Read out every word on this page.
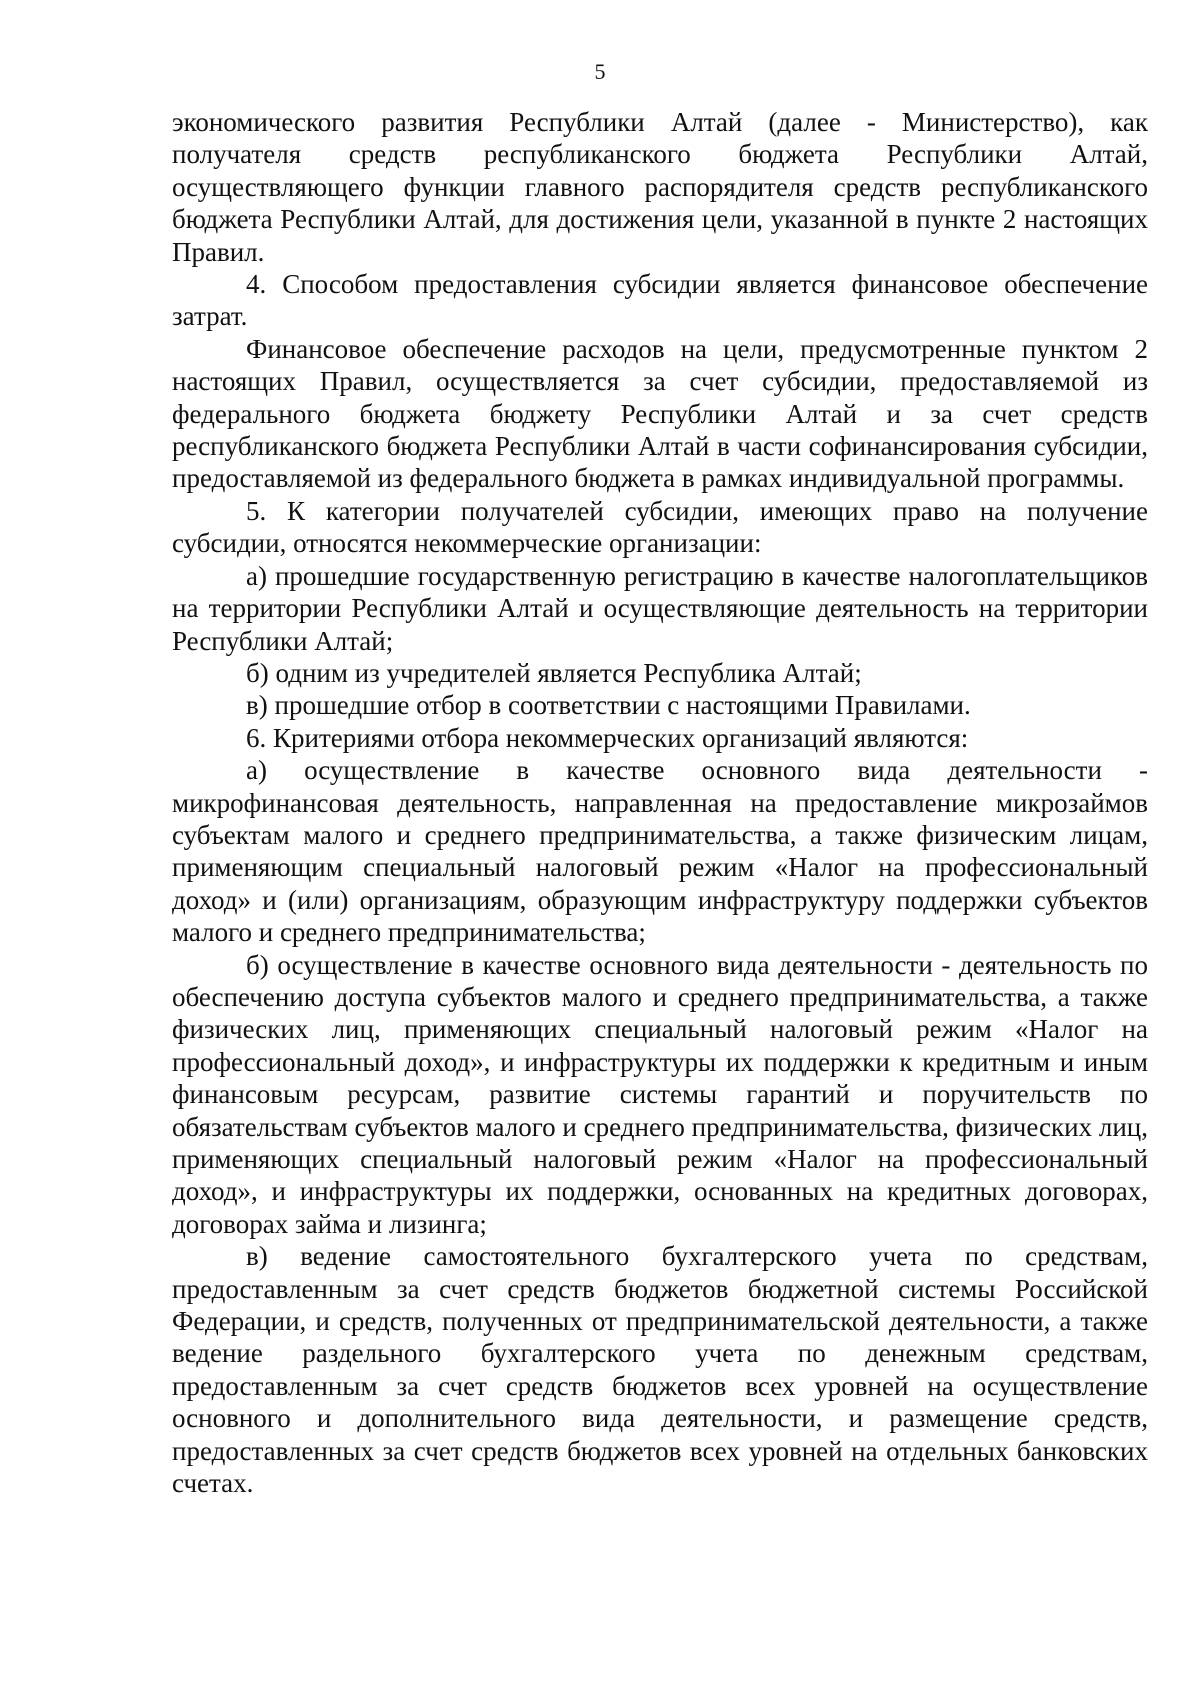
5

экономического развития Республики Алтай (далее - Министерство), как получателя средств республиканского бюджета Республики Алтай, осуществляющего функции главного распорядителя средств республиканского бюджета Республики Алтай, для достижения цели, указанной в пункте 2 настоящих Правил.

4. Способом предоставления субсидии является финансовое обеспечение затрат.

Финансовое обеспечение расходов на цели, предусмотренные пунктом 2 настоящих Правил, осуществляется за счет субсидии, предоставляемой из федерального бюджета бюджету Республики Алтай и за счет средств республиканского бюджета Республики Алтай в части софинансирования субсидии, предоставляемой из федерального бюджета в рамках индивидуальной программы.

5. К категории получателей субсидии, имеющих право на получение субсидии, относятся некоммерческие организации:

а) прошедшие государственную регистрацию в качестве налогоплательщиков на территории Республики Алтай и осуществляющие деятельность на территории Республики Алтай;

б) одним из учредителей является Республика Алтай;

в) прошедшие отбор в соответствии с настоящими Правилами.

6. Критериями отбора некоммерческих организаций являются:

а) осуществление в качестве основного вида деятельности - микрофинансовая деятельность, направленная на предоставление микрозаймов субъектам малого и среднего предпринимательства, а также физическим лицам, применяющим специальный налоговый режим «Налог на профессиональный доход» и (или) организациям, образующим инфраструктуру поддержки субъектов малого и среднего предпринимательства;

б) осуществление в качестве основного вида деятельности - деятельность по обеспечению доступа субъектов малого и среднего предпринимательства, а также физических лиц, применяющих специальный налоговый режим «Налог на профессиональный доход», и инфраструктуры их поддержки к кредитным и иным финансовым ресурсам, развитие системы гарантий и поручительств по обязательствам субъектов малого и среднего предпринимательства, физических лиц, применяющих специальный налоговый режим «Налог на профессиональный доход», и инфраструктуры их поддержки, основанных на кредитных договорах, договорах займа и лизинга;

в) ведение самостоятельного бухгалтерского учета по средствам, предоставленным за счет средств бюджетов бюджетной системы Российской Федерации, и средств, полученных от предпринимательской деятельности, а также ведение раздельного бухгалтерского учета по денежным средствам, предоставленным за счет средств бюджетов всех уровней на осуществление основного и дополнительного вида деятельности, и размещение средств, предоставленных за счет средств бюджетов всех уровней на отдельных банковских счетах.
